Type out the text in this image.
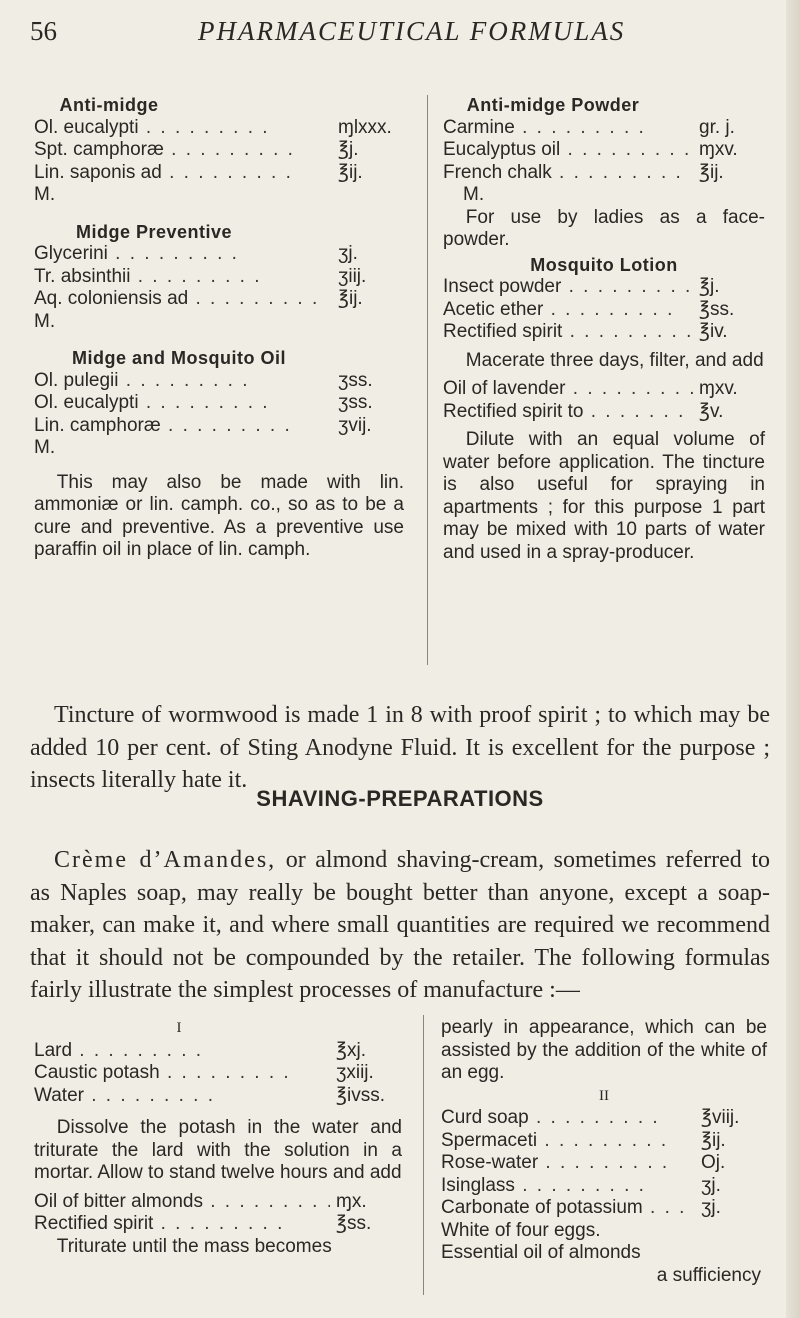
56	PHARMACEUTICAL FORMULAS
Anti-midge
Ol. eucalypti . .	ɱlxxx.
Spt. camphoræ . .	℥j.
Lin. saponis ad . .	℥ij.
M.
Midge Preventive
Glycerini . .	ʒj.
Tr. absinthii . .	ʒiij.
Aq. coloniensis ad . .	℥ij.
M.
Midge and Mosquito Oil
Ol. pulegii . .	ʒss.
Ol. eucalypti . .	ʒss.
Lin. camphoræ . .	ʒvij.
M.

This may also be made with lin. ammoniæ or lin. camph. co., so as to be a cure and preventive. As a preventive use paraffin oil in place of lin. camph.

Anti-midge Powder
Carmine . .	gr. j.
Eucalyptus oil . .	ɱxv.
French chalk . .	℥ij.
M.

For use by ladies as a face-powder.

Mosquito Lotion
Insect powder . .	℥j.
Acetic ether . .	℥ss.
Rectified spirit . .	℥iv.

Macerate three days, filter, and add

Oil of lavender . .	ɱxv.
Rectified spirit to . .	℥v.

Dilute with an equal volume of water before application. The tincture is also useful for spraying in apartments ; for this purpose 1 part may be mixed with 10 parts of water and used in a spray-producer.

 Tincture of wormwood is made 1 in 8 with proof spirit ; to which may be added 10 per cent. of Sting Anodyne Fluid. It is excellent for the purpose ; insects literally hate it.

SHAVING-PREPARATIONS

 Crème d’Amandes, or almond shaving-cream, sometimes referred to as Naples soap, may really be bought better than anyone, except a soap-maker, can make it, and where small quantities are required we recommend that it should not be compounded by the retailer. The following formulas fairly illustrate the simplest processes of manufacture :—

I
Lard . .	℥xj.
Caustic potash . .	ʒxiij.
Water . .	℥ivss.

Dissolve the potash in the water and triturate the lard with the solution in a mortar. Allow to stand twelve hours and add

Oil of bitter almonds . .	ɱx.
Rectified spirit . .	℥ss.

Triturate until the mass becomes

pearly in appearance, which can be assisted by the addition of the white of an egg.

II
Curd soap . .	℥viij.
Spermaceti . .	℥ij.
Rose-water . .	Oj.
Isinglass . .	ʒj.
Carbonate of potassium . .	ʒj.
White of four eggs.
Essential oil of almonds
a sufficiency
